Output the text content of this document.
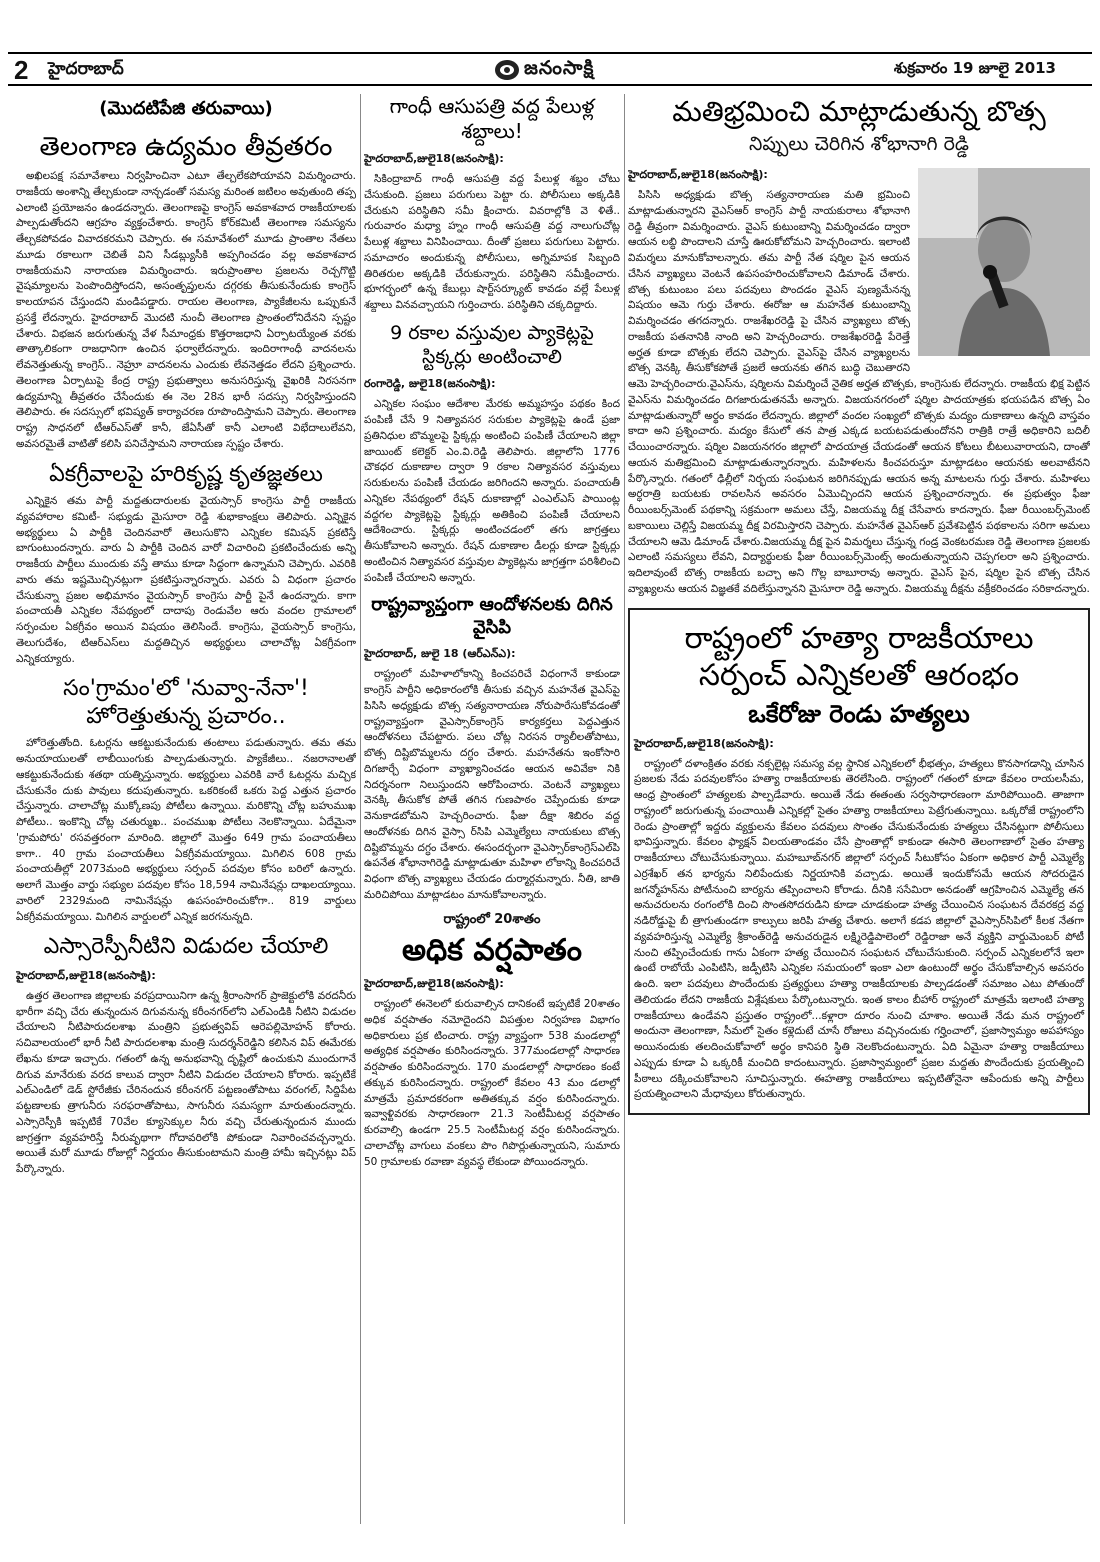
2 హైదరాబాద్‌	జనంసాక్షి	శుక్రవారం 19 జూలై 2013
(మొదటిపేజి తరువాయి)
తెలంగాణ ఉద్యమం తీవ్రతరం

అఖిలపక్ష సమావేశాలు నిర్వహించినా ఎటూ తేల్చలేకపోయావని విమర్శించారు. రాజకీయ అంశాన్ని తేల్చకుండా నాన్చడంతో సమస్య మరింత జటిలం అవుతుంది తప్ప ఎలాంటి ప్రయోజనం ఉండదన్నారు. తెలంగాణపై కాంగ్రెస్‌ అవకాశవాద రాజకీయాలకు పాల్పడుతోందని ఆగ్రహం వ్యక్తంచేశారు. కాంగ్రెస్‌ కోర్‌కమిటీ తెలంగాణ సమస్యను తేల్చకపోవడం వివాదకరమని చెప్పారు. ఈ సమావేశంలో మూడు ప్రాంతాల నేతలు మూడు రకాలుగా చెబితే విని సీడబ్ల్యుసీకి అప్పగించడం వల్ల అవకాశవాద రాజకీయమని నారాయణ విమర్శించారు. ఇరుప్రాంతాల ప్రజలను రెచ్చగొట్టి వైషమ్యాలను పెంపొందిస్తోందని, అసంతృప్తులను దగ్గరకు తీసుకునేందుకు కాంగ్రెస్‌ కాలయాపన చేస్తుందని మండిపడ్డారు. రాయల తెలంగాణ, ప్యాకేజీలను ఒప్పుకునే ప్రసక్తే లేదన్నారు. హైదరాబాద్‌ మొదటి నుంచీ తెలంగాణ ప్రాంతంలోనిదేనని స్పష్టం చేశారు. విభజన జరుగుతున్న వేళ సీమాంధ్రకు కొత్తరాజధాని ఏర్పాటయ్యేంత వరకు తాత్కాలికంగా రాజధానిగా ఉంచిన ఫర్వాలేదన్నారు. ఇందిరాగాంధీ వాదనలను లేవనెత్తుతున్న కాంగ్రెస్‌.. నెహ్రూ వాదనలను ఎందుకు లేవనెత్తడం లేదని ప్రశ్నించారు. తెలంగాణ ఏర్పాటుపై కేంద్ర రాష్ట్ర ప్రభుత్వాలు అనుసరిస్తున్న వైఖరికి నిరసనగా ఉద్యమాన్ని తీవ్రతరం చేసేందుకు ఈ నెల 28న భారీ సదస్సు నిర్వహిస్తుందని తెలిపారు. ఈ సదస్సులో భవిష్యత్‌ కార్యాచరణ రూపొందిస్తామని చెప్పారు. తెలంగాణ రాష్ట్ర సాధనలో టీఆర్‌ఎస్‌తో కానీ, జేఏసీతో కానీ ఎలాంటి విభేదాలులేవని, అవసరమైతే వాటితో కలిసి పనిచేస్తామని నారాయణ స్పష్టం చేశారు.

ఏకగ్రీవాలపై హరికృష్ణ కృతజ్ఞతలు

ఎన్నికైన తమ పార్టీ మద్దతుదారులకు వైయస్సార్‌ కాంగ్రెసు పార్టీ రాజకీయ వ్యవహారాల కమిటీ- సభ్యుడు మైసూరా రెడ్డి శుభాకాంక్షలు తెలిపారు. ఎన్నికైన అభ్యర్థులు ఏ పార్టీకి చెందినవారో తెలుసుకొని ఎన్నికల కమిషన్‌ ప్రకటిస్తే బాగుంటుందన్నారు. వారు ఏ పార్టీకి చెందిన వారో విచారించి ప్రకటించేందుకు అన్ని రాజకీయ పార్టీలు ముందుకు వస్తే తాము కూడా సిద్ధంగా ఉన్నామని చెప్పారు. ఎవరికి వారు తమ ఇష్టమొచ్చినట్లుగా ప్రకటిస్తున్నారన్నారు. ఎవరు ఏ విధంగా ప్రచారం చేసుకున్నా ప్రజల అభిమానం వైయస్సార్‌ కాంగ్రెసు పార్టీ పైనే ఉందన్నారు. కాగా పంచాయతీ ఎన్నికల నేపథ్యంలో దాదాపు రెండువేల ఆరు వందల గ్రామాలలో సర్పంచుల ఏకగ్రీవం అయిన విషయం తెలిసిందే. కాంగ్రెసు, వైయస్సార్‌ కాంగ్రెసు, తెలుగుదేశం, టిఆర్‌ఎస్‌లు మద్దతిచ్చిన అభ్యర్థులు చాలాచోట్ల ఏకగ్రీవంగా ఎన్నికయ్యారు.

సం'గ్రామం'లో 'నువ్వా-నేనా'!
హోరెత్తుతున్న ప్రచారం..

హోరెత్తుతోంది. ఓటర్లను ఆకట్టుకునేందుకు తంటాలు పడుతున్నారు. తమ తమ అనుయాయులతో లాబీయింగుకు పాల్పడుతున్నారు. ప్యాకేజీలు.. నజరానాలతో ఆకట్టుకునేందుకు శతథా యత్నిస్తున్నారు. అభ్యర్థులు ఎవరికి వారే ఓటర్లను మచ్చిక చేసుకునేం దుకు పావులు కదుపుతున్నారు. ఒకరికంటే ఒకరు పెద్ద ఎత్తున ప్రచారం చేస్తున్నారు. చాలాచోట్ల ముక్కోణపు పోటీలు ఉన్నాయి. మరికొన్ని చోట్ల బహుముఖ పోటీలు.. ఇంకొన్ని చోట్ల చతుర్ముఖ.. పంచముఖ పోటీలు నెలకొన్నాయి. ఏదేమైనా 'గ్రామపోరు' రసవత్తరంగా మారింది. జిల్లాలో మొత్తం 649 గ్రామ పంచాయతీలు కాగా.. 40 గ్రామ పంచాయతీలు ఏకగ్రీవమయ్యాయి. మిగిలిన 608 గ్రామ పంచాయతీల్లో 2073మంది అభ్యర్థులు సర్పంచ్‌ పదవుల కోసం బరిలో ఉన్నారు. అలాగే మొత్తం వార్డు సభ్యుల పదవుల కోసం 18,594 నామినేషన్లు దాఖలయ్యాయి. వారిలో 2329మంది నామినేషన్లు ఉపసంహరించుకోగా.. 819 వార్డులు ఏకగ్రీవమయ్యాయి. మిగిలిన వార్డులలో ఎన్నిక జరగనున్నది.

ఎస్సారెస్పీనీటిని విడుదల చేయాలి
హైదరాబాద్‌,జులై18(జనంసాక్షి):

ఉత్తర తెలంగాణ జిల్లాలకు వరప్రదాయినిగా ఉన్న శ్రీరాంసాగర్‌ ప్రాజెక్టులోకి వరదనీరు భారీగా వచ్చి చేరు తున్నందున దిగువనున్న కరీంనగర్‌లోని ఎల్‌ఎండికి నీటిని విడుదల చేయాలని నీటిపారుదలశాఖ మంత్రిని ప్రభుత్వవిప్‌ ఆరెపల్లిమోహన్‌ కోరారు. సచివాలయంలో భారీ నీటి పారుదలశాఖ మంత్రి సుదర్శన్‌రెడ్డిని కలిసిన విప్‌ ఈమేరకు లేఖను కూడా ఇచ్చారు. గతంలో ఉన్న అనుభవాన్ని దృష్టిలో ఉంచుకుని ముందుగానే దిగువ మానేరుకు వరద కాలువ ద్వారా నీటిని విడుదల చేయాలని కోరారు. ఇప్పటికే ఎల్‌ఎండిలో డెడ్‌ స్టోరేజీకు చేరినందున కరీంనగర్‌ పట్టణంతోపాటు వరంగల్‌, సిద్దిపేట పట్టణాలకు త్రాగునీరు సరఫరాతోపాటు, సాగునీరు సమస్యగా మారుతుందన్నారు. ఎస్సారెస్పీకి ఇప్పటికే 70వేల క్యూసెక్కుల నీరు వచ్చి చేరుతున్నందున ముందు జాగ్రత్తగా వ్యవహరిస్తే నీరువృథాగా గోదావరిలోకి పోకుండా నివారించవచ్చన్నారు. అయితే మరో మూడు రోజుల్లో నిర్ణయం తీసుకుంటామని మంత్రి హామీ ఇచ్చినట్లు విప్‌ పేర్కొన్నారు.

గాంధీ ఆసుపత్రి వద్ద పేలుళ్ల శబ్దాలు!
హైదరాబాద్‌,జులై18(జనంసాక్షి):

సికింద్రాబాద్‌ గాంధీ ఆసుపత్రి వద్ద పేలుళ్ల శబ్దం చోటు చేసుకుంది. ప్రజలు పరుగులు పెట్టా రు. పోలీసులు అక్కడికి చేరుకుని పరిస్థితిని సమీ క్షించారు. వివరాల్లోకి వె ళితే.. గురువారం మధ్యా హ్నం గాంధీ ఆసుపత్రి వద్ద నాలుగుచోట్ల పేలుళ్ల శబ్దాలు వినిపించాయి. దీంతో ప్రజలు పరుగులు పెట్టారు. సమాచారం అందుకున్న పోలీసులు, అగ్నిమాపక సిబ్బంది తిరితరుల అక్కడికి చేరుకున్నారు. పరిస్థితిని సమీక్షించారు. భూగర్భంలో ఉన్న కేబుల్లు షార్ట్‌సర్క్యూట్‌ కావడం వల్లే పేలుళ్ల శబ్దాలు వినవచ్చాయని గుర్తించారు. పరిస్థితిని చక్కదిద్దారు.

9 రకాల వస్తువుల ప్యాకెట్లపై స్టిక్కర్లు అంటించాలి
రంగారెడ్డి, జులై18(జనంసాక్షి):

ఎన్నికల సంఘం ఆదేశాల మేరకు అమ్మహస్తం పథకం కింద పంపిణీ చేసే 9 నిత్యావసర సరుకుల ప్యాకెట్లపై ఉండే ప్రజా ప్రతినిధుల బొమ్మలపై స్టిక్కర్లు అంటించి పంపిణీ చేయాలని జిల్లా జాయింట్‌ కలెక్టర్‌ ఎం.వి.రెడ్డి తెలిపారు. జిల్లాలోని 1776 చౌకధర దుకాణాల ద్వారా 9 రకాల నిత్యావసర వస్తువులు సరుకులను పంపిణీ చేయడం జరిగిందని అన్నారు. పంచాయతీ ఎన్నికల నేపథ్యంలో రేషన్‌ దుకాణాల్లో ఎంఎల్‌ఎస్‌ పాయింట్ల వద్దగల ప్యాకెట్లపై స్టిక్కర్లు అతికించి పంపిణీ చేయాలని ఆదేశించారు. స్టిక్కర్లు అంటించడంలో తగు జాగ్రత్తలు తీసుకోవాలని అన్నారు. రేషన్‌ దుకాణాల డీలర్లు కూడా స్టిక్కర్లు అంటించిన నిత్యావసర వస్తువుల ప్యాకెట్లను జాగ్రత్తగా పరిశీలించి పంపిణీ చేయాలని అన్నారు.

రాష్ట్రవ్యాప్తంగా ఆందోళనలకు దిగిన వైసిపి
హైదరాబాద్‌, జులై 18 (ఆర్‌ఎన్‌ఎ):

రాష్ట్రంలో మహిళాలోకాన్ని కించపరిచే విధంగానే కాకుండా కాంగ్రెస్‌ పార్టీని అధికారంలోకి తీసుకు వచ్చిన మహనేత వైఎస్‌పై పిసిసి అధ్యక్షుడు బొత్స సత్యనారాయణ నోరుపారేసుకోవడంతో రాష్ట్రవ్యాప్తంగా వైఎస్సార్‌కాంగ్రెస్‌ కార్యకర్తలు పెద్దఎత్తున ఆందోళనలు చేపట్టారు. పలు చోట్ల నిరసన ర్యాలీలతోపాటు, బొత్స దిష్టిబొమ్మలను దగ్ధం చేశారు. మహనేతను ఇంకోసారి దిగజార్చే విధంగా వ్యాఖ్యానించడం ఆయన అవివేకా నికి నిదర్శనంగా నిలుస్తుందని ఆరోపించారు. వెంటనే వ్యాఖ్యలు వెనక్కి తీసుకోక పోతే తగిన గుణపాఠం చెప్పేందుకు కూడా వెనుకాడబోమని హెచ్చరించారు. ఫీజు దీక్షా శిబిరం వద్ద ఆందోళనకు దిగిన వైస్సా ర్‌సిపి ఎమ్మెల్యేలు నాయకులు బొత్స దిష్టిబొమ్మను దగ్ధం చేశారు. ఈసందర్భంగా వైఎస్సార్‌కాంగ్రెస్‌ఎల్‌పి ఉపనేత శోభానాగిరెడ్డి మాట్లాడుతూ మహిళా లోకాన్ని కించపరిచే విధంగా బొత్స వ్యాఖ్యలు చేయడం దుర్మార్గమన్నారు. నీతి, జాతి మరిచిపోయి మాట్లాడటం మానుకోవాలన్నారు.

రాష్ట్రంలో 20శాతం
అధిక వర్షపాతం
హైదరాబాద్‌,జులై18(జనంసాక్షి):

రాష్ట్రంలో ఈనెలలో కురువాల్సిన దానికంటే ఇప్పటికే 20శాతం అధిక వర్షపాతం నమోదైందని విపత్తుల నిర్వహణ విభాగం అధికారులు ప్రక టించారు. రాష్ట్ర వ్యాప్తంగా 538 మండలాల్లో అత్యధిక వర్షపాతం కురిసిందన్నారు. 377మండలాల్లో సాధారణ వర్షపాతం కురిసిందన్నారు. 170 మండలాల్లో సాధారణం కంటే తక్కువ కురిసిందన్నారు. రాష్ట్రంలో కేవలం 43 మం డలాల్లో మాత్రమే ప్రమాదకరంగా అతితక్కువ వర్షం కురిసిందన్నారు. ఇవ్వాళ్టివరకు సాధారణంగా 21.3 సెంటీమీటర్ల వర్షపాతం కురవాల్సి ఉండగా 25.5 సెంటీమీటర్ల వర్షం కురిసిందన్నారు. చాలాచోట్ల వాగులు వంకలు పొం గిపొర్లుతున్నాయని, సుమారు 50 గ్రామాలకు రవాణా వ్యవస్థ లేకుండా పోయిందన్నారు.

మతిభ్రమించి మాట్లాడుతున్న బొత్స
నిప్పులు చెరిగిన శోభానాగి రెడ్డి
హైదరాబాద్‌,జులై18(జనంసాక్షి):

పిసిసి అధ్యక్షుడు బొత్స సత్యనారాయణ మతి భ్రమించి మాట్లాడుతున్నారని వైఎస్‌ఆర్‌ కాంగ్రెస్‌ పార్టీ నాయకురాలు శోభానాగి రెడ్డి తీవ్రంగా విమర్శించారు. వైఎస్‌ కుటుంబాన్ని విమర్శించడం ద్వారా ఆయన లబ్ధి పొందాలని చూస్తే ఊరుకోబోమని హెచ్చరించారు. ఇలాంటి విమర్శలు మానుకోవాలన్నారు. తమ పార్టీ నేత షర్మిల పైన ఆయన చేసిన వ్యాఖ్యలు వెంటనే ఉపసంహరించుకోవాలని డిమాండ్‌ చేశారు. బొత్స కుటుంబం పలు పదవులు పొందడం వైఎస్‌ పుణ్యమేనన్న విషయం ఆమె గుర్తు చేశారు. ఈరోజు ఆ మహనేత కుటుంబాన్ని విమర్శించడం తగదన్నారు. రాజశేఖరరెడ్డి పై చేసిన వ్యాఖ్యలు బొత్స రాజకీయ పతనానికి నాంది అని హెచ్చరించారు. రాజశేఖరరెడ్డి పేరెత్తే అర్హత కూడా బొత్సకు లేదని చెప్పారు. వైఎస్‌పై చేసిన వ్యాఖ్యలను బొత్స వెనక్కి తీసుకోకపోతే ప్రజలే ఆయనకు తగిన బుద్ధి చెబుతారని ఆమె హెచ్చరించారు.వైఎస్‌ను, షర్మిలను విమర్శించే నైతిక అర్హత బొత్సకు, కాంగ్రెసుకు లేదన్నారు. రాజకీయ భిక్ష పెట్టిన వైఎస్‌ను విమర్శించడం దిగజారుడుతనమే అన్నారు. విజయనగరంలో షర్మిల పాదయాత్రకు భయపడిన బొత్స ఏం మాట్లాడుతున్నారో అర్థం కావడం లేదన్నారు. జిల్లాలో వందల సంఖ్యలో బొత్సకు మద్యం దుకాణాలు ఉన్నది వాస్తవం కాదా అని ప్రశ్నించారు. మద్యం కేసులో తన పాత్ర ఎక్కడ బయటపడుతుందోనని రాత్రికి రాత్రే అధికారిని బదిలీ చేయించారన్నారు. షర్మిల విజయనగరం జిల్లాలో పాదయాత్ర చేయడంతో ఆయన కోటలు బీటలువారాయని, దాంతో ఆయన మతిభ్రమించి మాట్లాడుతున్నారన్నారు. మహిళలను కించపరుస్తూ మాట్లాడటం ఆయనకు అలవాటేనని పేర్కొన్నారు. గతంలో ఢిల్లీలో నిర్భయ సంఘటన జరిగినప్పుడు ఆయన అన్న మాటలను గుర్తు చేశారు. మహిళలు అర్ధరాత్రి బయటకు రావలసిన అవసరం ఏమొచ్చిందని ఆయన ప్రశ్నించారన్నారు. ఈ ప్రభుత్వం ఫీజు రీయింబర్స్‌మెంట్‌ పథకాన్ని సక్రమంగా అమలు చేస్తే, విజయమ్మ దీక్ష చేసేవారు కాదన్నారు. ఫీజు రీయింబర్స్‌మెంట్‌ బకాయిలు చెల్లిస్తే విజయమ్మ దీక్ష విరమిస్తారని చెప్పారు. మహనేత వైఎస్‌ఆర్‌ ప్రవేశపెట్టిన పథకాలను సరిగా అమలు చేయాలని ఆమె డిమాండ్‌ చేశారు.విజయమ్మ దీక్ష పైన విమర్శలు చేస్తున్న గండ్ర వెంకటరమణ రెడ్డి తెలంగాణ ప్రజలకు ఎలాంటి సమస్యలు లేవని, విద్యార్థులకు ఫీజు రీయింబర్స్‌మెంట్స్‌ అందుతున్నాయని చెప్పగలరా అని ప్రశ్నించారు. ఇదిలావుంటే బొత్స రాజకీయ బచ్చా అని గొల్ల బాబూరావు అన్నారు. వైఎస్‌ పైన, షర్మిల పైన బొత్స చేసిన వ్యాఖ్యలను ఆయన విజ్ఞతకే వదిలేస్తున్నానని మైసూరా రెడ్డి అన్నారు. విజయమ్మ దీక్షను వక్రీకరించడం సరికాదన్నారు.

రాష్ట్రంలో హత్యా రాజకీయాలు
సర్పంచ్‌ ఎన్నికలతో ఆరంభం
ఒకేరోజు రెండు హత్యలు
హైదరాబాద్‌,జులై18(జనంసాక్షి):

రాష్ట్రంలో దళాంక్రితం వరకు నక్సలైట్ల సమస్య వల్ల స్థానిక ఎన్నికలలో భీభత్సం, హత్యలు కొనసాగడాన్ని చూసిన ప్రజలకు నేడు పదవులకోసం హత్యా రాజకీయాలకు తెరలేసింది. రాష్ట్రంలో గతంలో కూడా కేవలం రాయలసీమ, ఆంధ్ర ప్రాంతంలో హత్యలకు పాల్పడేవారు. అయితే నేడు ఈతంతు సర్వసాధారణంగా మారిపోయింది. తాజాగా రాష్ట్రంలో జరుగుతున్న పంచాయితీ ఎన్నికల్లో సైతం హత్యా రాజకీయాలు పెట్రేగుతున్నాయి. ఒక్కరోజే రాష్ట్రంలోని రెండు ప్రాంతాల్లో ఇద్దరు వ్యక్తులను కేవలం పదవులు సొంతం చేసుకునేందుకు హత్యలు చేసినట్లుగా పోలీసులు భావిస్తున్నారు. కేవలం ఫ్యాక్షన్‌ విలయతాండవం చేసే ప్రాంతాల్లో కాకుండా ఈసారి తెలంగాణాలో సైతం హత్యా రాజకీయాలు చోటుచేసుకున్నాయి. మహబూబ్‌నగర్‌ జిల్లాలో సర్పంచ్‌ సీటుకోసం ఏకంగా అధికార పార్టీ ఎమ్మెల్యే ఎర్రశేఖర్‌ తన భార్యను నిలిపేందుకు నిర్ణయానికి వచ్చాడు. అయితే ఇందుకోసమే ఆయన సోదరుడైన జగన్మోహన్‌ను పోటీనుంచి బార్యను తప్పించాలని కోరాడు. దీనికి ససేమిరా అనడంతో ఆగ్రహించిన ఎమ్మెల్యే తన అనుచరులను రంగంలోకి దించి సొంతసోదరుడిని కూడా చూడకుండా హత్య చేయించిన సంఘటన దేవరకద్ర వద్ద నడిరోడ్డుపై బీ త్రాగుతుండగా కాల్పులు జరిపి హత్య చేశారు. అలాగే కడప జిల్లాలో వైఎస్సార్‌సిపిలో కీలక నేతగా వ్యవహరిస్తున్న ఎమ్మెల్యే శ్రీకాంత్‌రెడ్డి అనుచరుడైన లక్ష్మిరెడ్డిపాలెంలో రెడ్డిరాజా అనే వ్యక్తిని వార్డుమెంబర్‌ పోటీ నుంచి తప్పించేందుకు గాను ఏకంగా హత్య చేయించిన సంఘటన చోటుచేసుకుంది. సర్పంచ్‌ ఎన్నికలలోనే ఇలా ఉంటే రాబోయే ఎంపిటిసి, జడ్పీటిసి ఎన్నికల సమయంలో ఇంకా ఎలా ఉంటుందో అర్థం చేసుకోవాల్సిన అవసరం ఉంది. ఇలా పదవులు పొందేందుకు ప్రత్యర్థులు హత్యా రాజకీయాలకు పాల్పడడంతో సమాజం ఎటు పోతుందో తెలియడం లేదని రాజకీయ విశ్లేషకులు పేర్కొంటున్నారు. ఇంత కాలం బీహార్‌ రాష్ట్రంలో మాత్రమే ఇలాంటి హత్యా రాజకీయాలు ఉండేవని ప్రస్తుతం రాష్ట్రంలో...కళ్లారా దూరం నుంచి చూశాం. అయితే నేడు మన రాష్ట్రంలో అందునా తెలంగాణా, సీమలో సైతం కళ్లెదుటే చూసే రోజులు వచ్చినందుకు గర్హించాలో, ప్రజాస్వామ్యం అపహాస్యం అయినందుకు తలదించుకోవాలో అర్థం కానిపరి స్థితి నెలకొందంటున్నారు. ఏది ఏమైనా హత్యా రాజకీయాలు ఎప్పుడు కూడా ఏ ఒక్కరికీ మంచిది కాదంటున్నారు. ప్రజాస్వామ్యంలో ప్రజల మద్దతు పొందేందుకు ప్రయత్నించి పీఠాలు దక్కించుకోవాలని సూచిస్తున్నారు. ఈహత్యా రాజకీయాలు ఇప్పటితోనైనా ఆపేందుకు అన్ని పార్టీలు ప్రయత్నించాలని మేధావులు కోరుతున్నారు.
